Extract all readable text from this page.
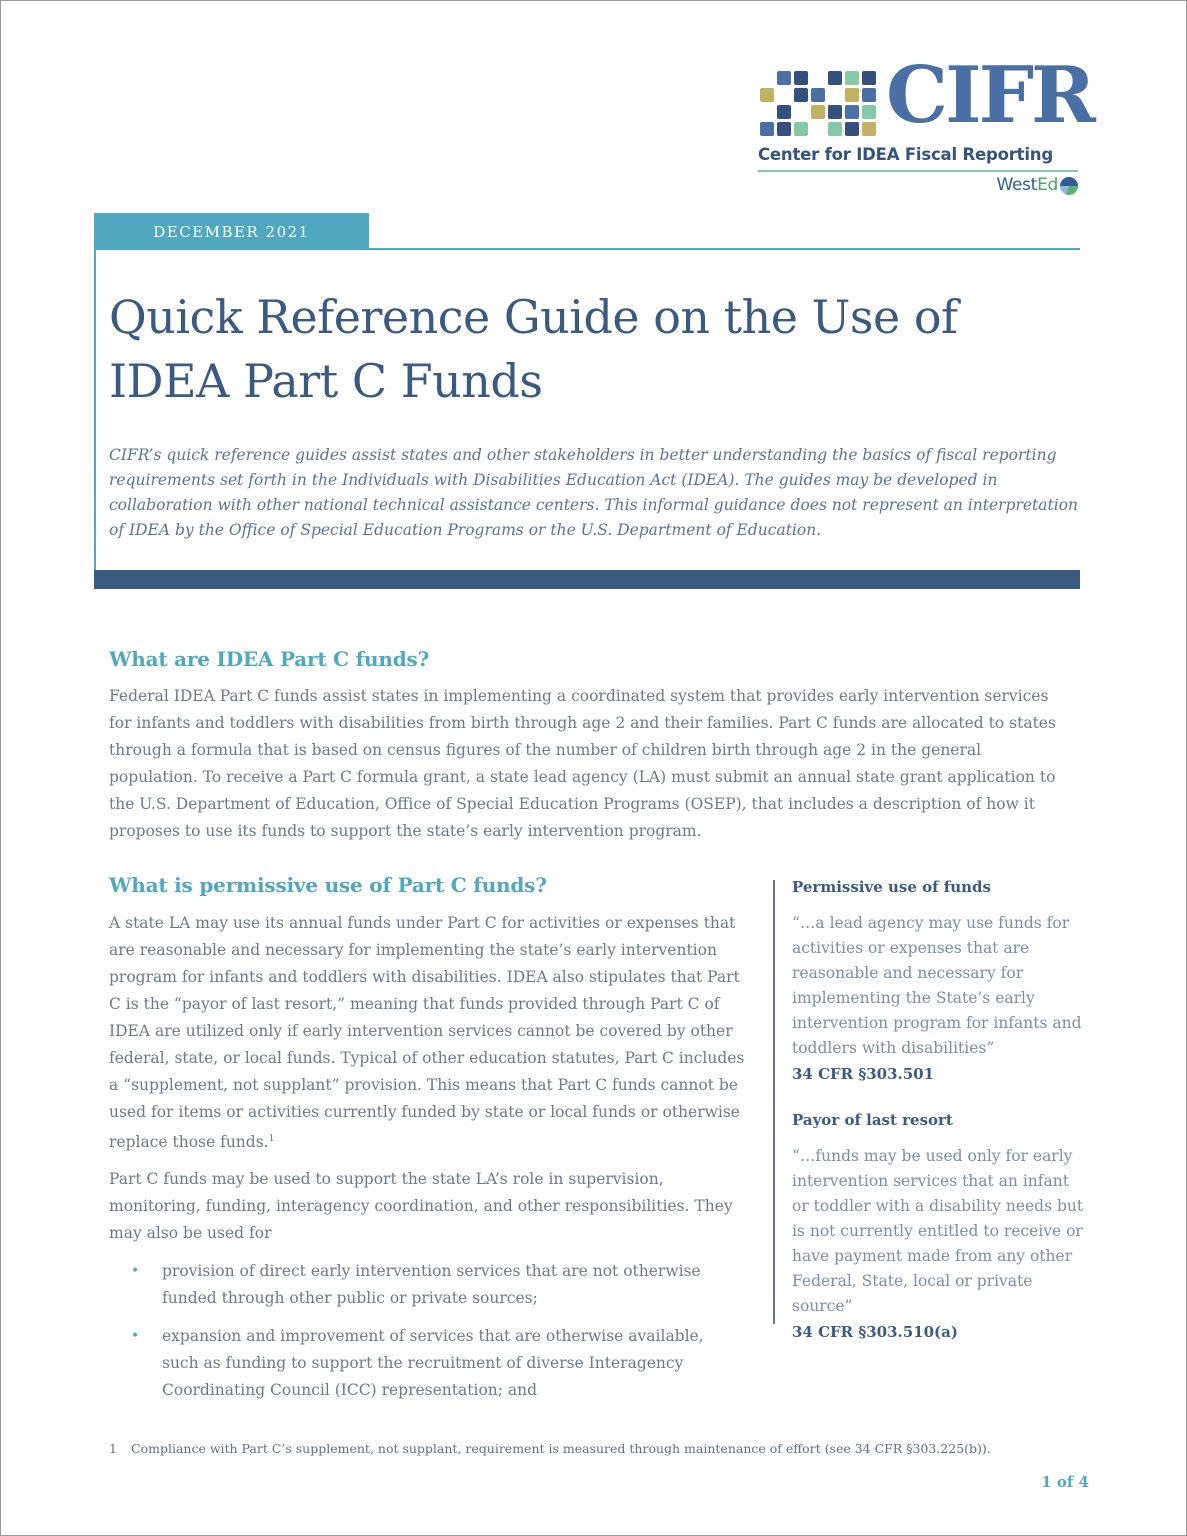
CIFR
Center for IDEA Fiscal Reporting
WestEd
DECEMBER 2021
Quick Reference Guide on the Use of
IDEA Part C Funds
CIFR’s quick reference guides assist states and other stakeholders in better understanding the basics of fiscal reporting requirements set forth in the Individuals with Disabilities Education Act (IDEA). The guides may be developed in collaboration with other national technical assistance centers. This informal guidance does not represent an interpretation of IDEA by the Office of Special Education Programs or the U.S. Department of Education.
What are IDEA Part C funds?
Federal IDEA Part C funds assist states in implementing a coordinated system that provides early intervention services for infants and toddlers with disabilities from birth through age 2 and their families. Part C funds are allocated to states through a formula that is based on census figures of the number of children birth through age 2 in the general population. To receive a Part C formula grant, a state lead agency (LA) must submit an annual state grant application to the U.S. Department of Education, Office of Special Education Programs (OSEP), that includes a description of how it proposes to use its funds to support the state’s early intervention program.
What is permissive use of Part C funds?
A state LA may use its annual funds under Part C for activities or expenses that are reasonable and necessary for implementing the state’s early intervention program for infants and toddlers with disabilities. IDEA also stipulates that Part C is the “payor of last resort,” meaning that funds provided through Part C of IDEA are utilized only if early intervention services cannot be covered by other federal, state, or local funds. Typical of other education statutes, Part C includes a “supplement, not supplant” provision. This means that Part C funds cannot be used for items or activities currently funded by state or local funds or otherwise replace those funds.$^1$
Part C funds may be used to support the state LA’s role in supervision, monitoring, funding, interagency coordination, and other responsibilities. They may also be used for
• provision of direct early intervention services that are not otherwise funded through other public or private sources;
• expansion and improvement of services that are otherwise available, such as funding to support the recruitment of diverse Interagency Coordinating Council (ICC) representation; and
Permissive use of funds
“…a lead agency may use funds for activities or expenses that are reasonable and necessary for implementing the State’s early intervention program for infants and toddlers with disabilities”
34 CFR §303.501
Payor of last resort
“…funds may be used only for early intervention services that an infant or toddler with a disability needs but is not currently entitled to receive or have payment made from any other Federal, State, local or private source”
34 CFR §303.510(a)
1 Compliance with Part C’s supplement, not supplant, requirement is measured through maintenance of effort (see 34 CFR §303.225(b)).
1 of 4
